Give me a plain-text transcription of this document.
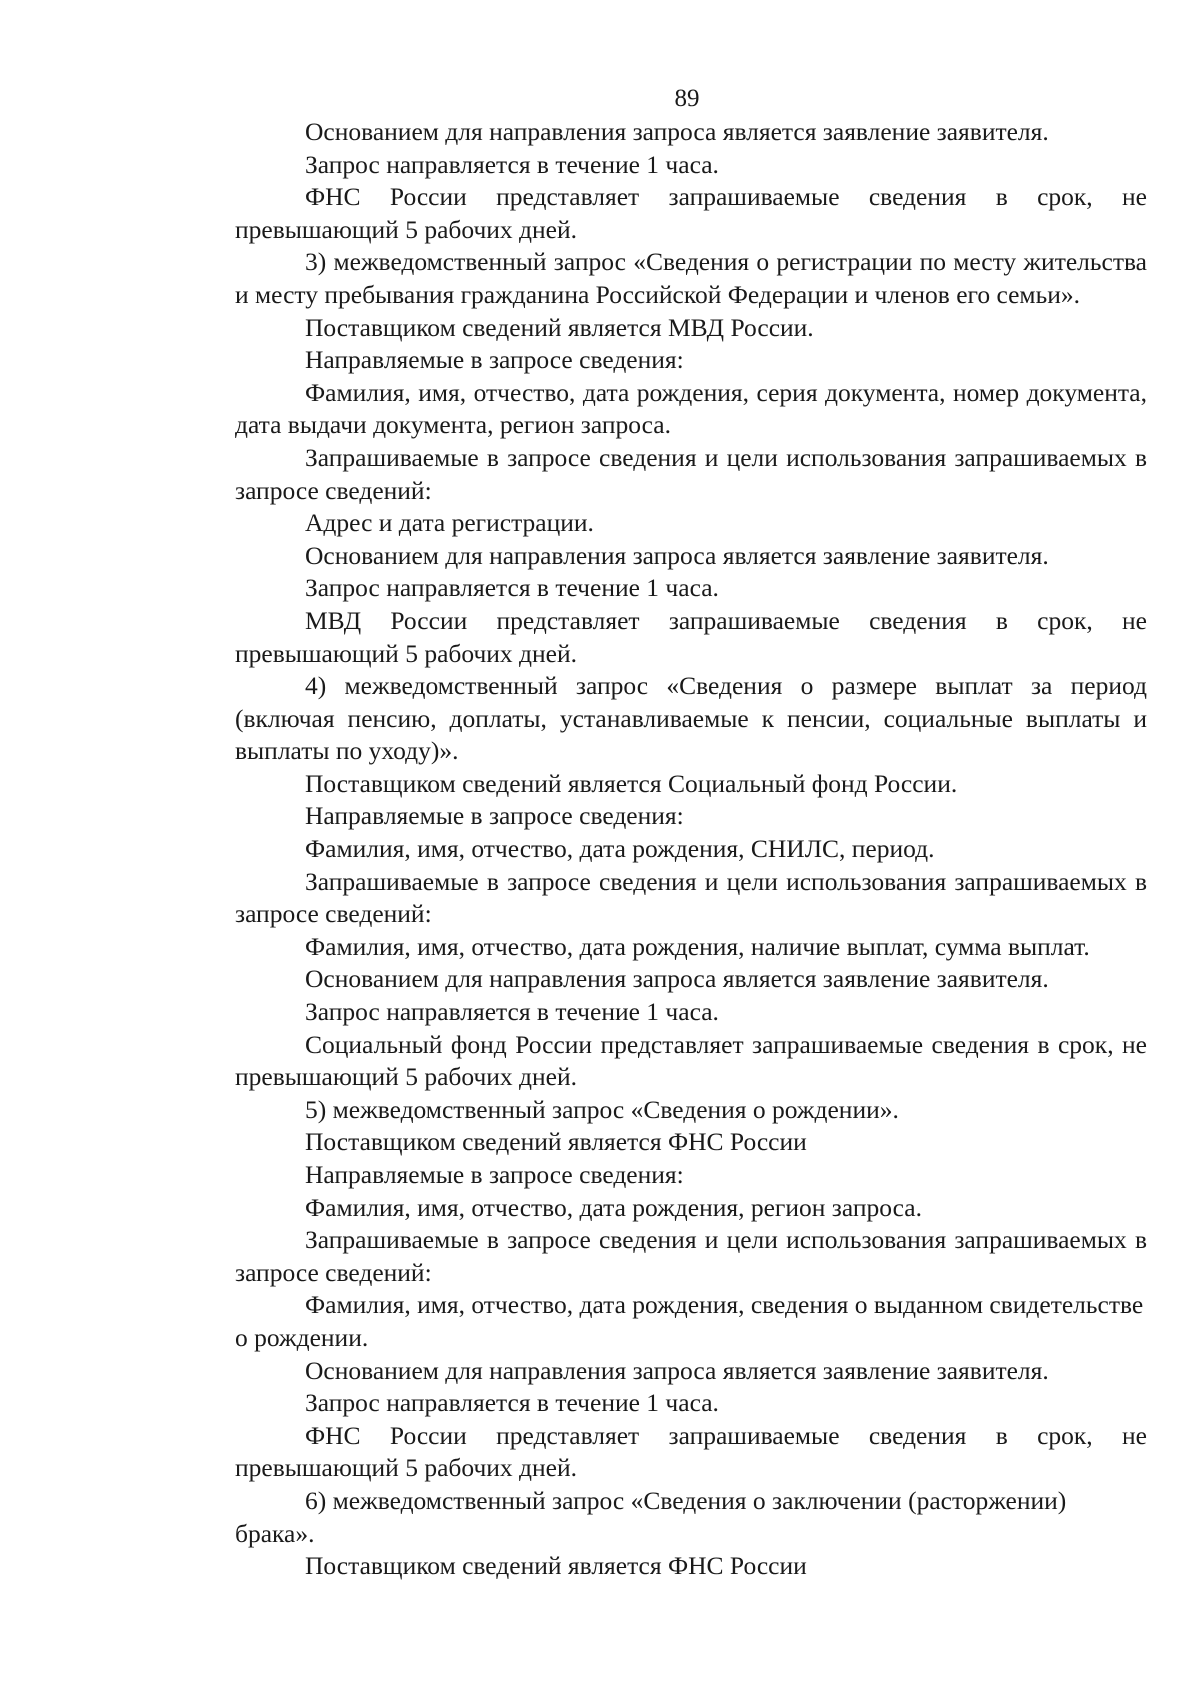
89

Основанием для направления запроса является заявление заявителя.

Запрос направляется в течение 1 часа.

ФНС России представляет запрашиваемые сведения в срок, не превышающий 5 рабочих дней.

3) межведомственный запрос «Сведения о регистрации по месту жительства и месту пребывания гражданина Российской Федерации и членов его семьи».

Поставщиком сведений является МВД России.

Направляемые в запросе сведения:

Фамилия, имя, отчество, дата рождения, серия документа, номер документа, дата выдачи документа, регион запроса.

Запрашиваемые в запросе сведения и цели использования запрашиваемых в запросе сведений:

Адрес и дата регистрации.

Основанием для направления запроса является заявление заявителя.

Запрос направляется в течение 1 часа.

МВД России представляет запрашиваемые сведения в срок, не превышающий 5 рабочих дней.

4) межведомственный запрос «Сведения о размере выплат за период (включая пенсию, доплаты, устанавливаемые к пенсии, социальные выплаты и выплаты по уходу)».

Поставщиком сведений является Социальный фонд России.

Направляемые в запросе сведения:

Фамилия, имя, отчество, дата рождения, СНИЛС, период.

Запрашиваемые в запросе сведения и цели использования запрашиваемых в запросе сведений:

Фамилия, имя, отчество, дата рождения, наличие выплат, сумма выплат.

Основанием для направления запроса является заявление заявителя.

Запрос направляется в течение 1 часа.

Социальный фонд России представляет запрашиваемые сведения в срок, не превышающий 5 рабочих дней.

5) межведомственный запрос «Сведения о рождении».

Поставщиком сведений является ФНС России

Направляемые в запросе сведения:

Фамилия, имя, отчество, дата рождения, регион запроса.

Запрашиваемые в запросе сведения и цели использования запрашиваемых в запросе сведений:

Фамилия, имя, отчество, дата рождения, сведения о выданном свидетельстве о рождении.

Основанием для направления запроса является заявление заявителя.

Запрос направляется в течение 1 часа.

ФНС России представляет запрашиваемые сведения в срок, не превышающий 5 рабочих дней.

6) межведомственный запрос «Сведения о заключении (расторжении) брака».

Поставщиком сведений является ФНС России
